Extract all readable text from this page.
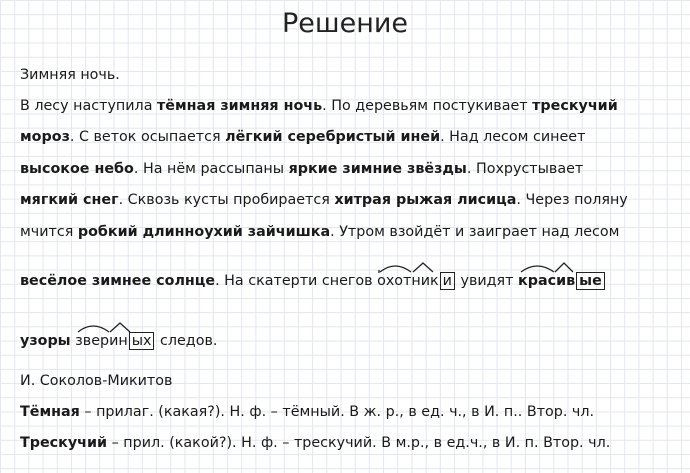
Решение
Зимняя ночь.
В лесу наступила тёмная зимняя ночь. По деревьям постукивает трескучий
мороз. С веток осыпается лёгкий серебристый иней. Над лесом синеет
высокое небо. На нём рассыпаны яркие зимние звёзды. Похрустывает
мягкий снег. Сквозь кусты пробирается хитрая рыжая лисица. Через поляну
мчится робкий длинноухий зайчишка. Утром взойдёт и заиграет над лесом
весёлое зимнее солнце. На скатерти снегов
охотник и увидят
красив ые
узоры зверин ых следов.
И. Соколов-Микитов
Тёмная – прилаг. (какая?). Н. ф. – тёмный. В ж. р., в ед. ч., в И. п.. Втор. чл.
Трескучий – прил. (какой?). Н. ф. – трескучий. В м.р., в ед.ч., в И. п. Втор. чл.
